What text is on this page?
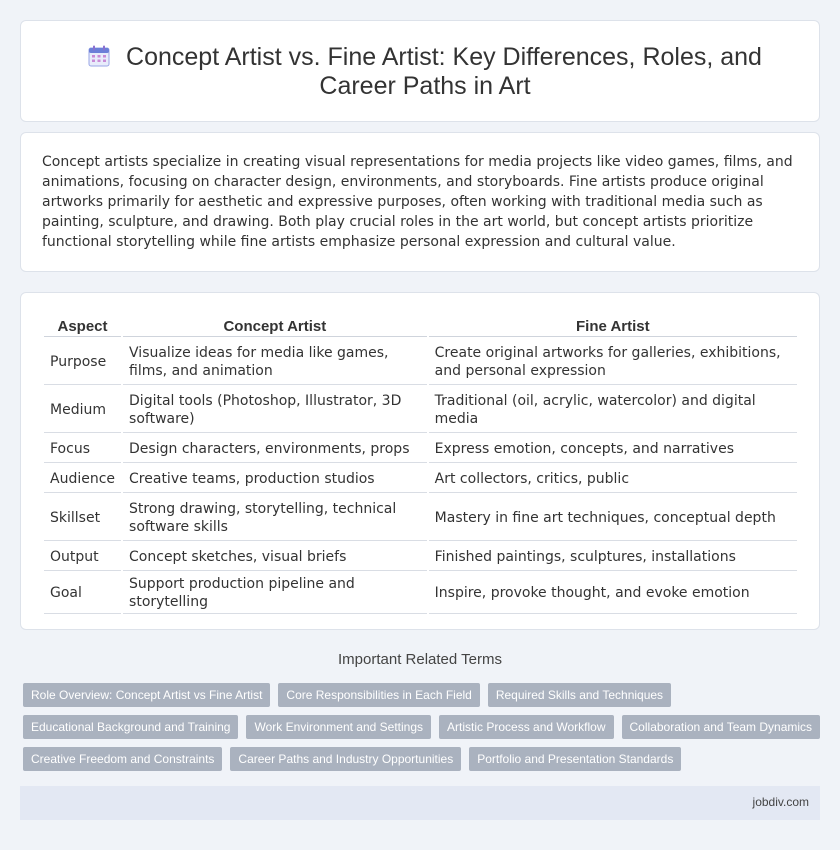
Concept Artist vs. Fine Artist: Key Differences, Roles, and Career Paths in Art

Concept artists specialize in creating visual representations for media projects like video games, films, and animations, focusing on character design, environments, and storyboards. Fine artists produce original artworks primarily for aesthetic and expressive purposes, often working with traditional media such as painting, sculpture, and drawing. Both play crucial roles in the art world, but concept artists prioritize functional storytelling while fine artists emphasize personal expression and cultural value.

Aspect	Concept Artist	Fine Artist
Purpose	Visualize ideas for media like games, films, and animation	Create original artworks for galleries, exhibitions, and personal expression
Medium	Digital tools (Photoshop, Illustrator, 3D software)	Traditional (oil, acrylic, watercolor) and digital media
Focus	Design characters, environments, props	Express emotion, concepts, and narratives
Audience	Creative teams, production studios	Art collectors, critics, public
Skillset	Strong drawing, storytelling, technical software skills	Mastery in fine art techniques, conceptual depth
Output	Concept sketches, visual briefs	Finished paintings, sculptures, installations
Goal	Support production pipeline and storytelling	Inspire, provoke thought, and evoke emotion
Important Related Terms
Role Overview: Concept Artist vs Fine Artist	Core Responsibilities in Each Field	Required Skills and Techniques
Educational Background and Training	Work Environment and Settings	Artistic Process and Workflow	Collaboration and Team Dynamics
Creative Freedom and Constraints	Career Paths and Industry Opportunities	Portfolio and Presentation Standards
jobdiv.com
